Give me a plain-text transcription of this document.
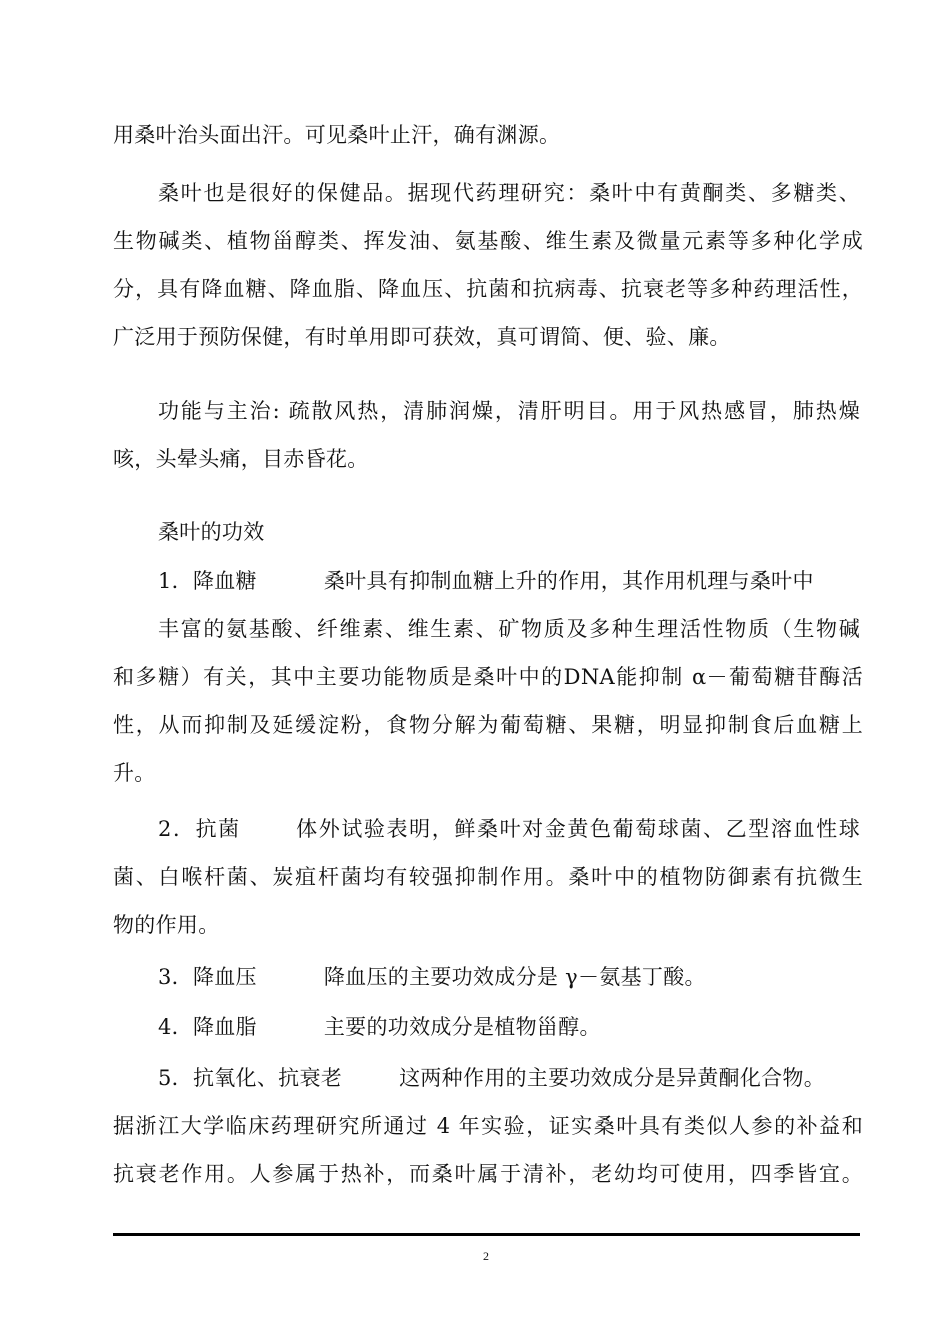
用桑叶治头面出汗。可见桑叶止汗，确有渊源。
桑叶也是很好的保健品。据现代药理研究：桑叶中有黄酮类、多糖类、
生物碱类、植物甾醇类、挥发油、氨基酸、维生素及微量元素等多种化学成
分，具有降血糖、降血脂、降血压、抗菌和抗病毒、抗衰老等多种药理活性，
广泛用于预防保健，有时单用即可获效，真可谓简、便、验、廉。
功能与主治: 疏散风热，清肺润燥，清肝明目。用于风热感冒，肺热燥
咳，头晕头痛，目赤昏花。
桑叶的功效
1．降血糖	桑叶具有抑制血糖上升的作用，其作用机理与桑叶中
丰富的氨基酸、纤维素、维生素、矿物质及多种生理活性物质（生物碱
和多糖）有关，其中主要功能物质是桑叶中的DNA能抑制 α－葡萄糖苷酶活
性，从而抑制及延缓淀粉，食物分解为葡萄糖、果糖，明显抑制食后血糖上
升。
2．抗菌	体外试验表明，鲜桑叶对金黄色葡萄球菌、乙型溶血性球
菌、白喉杆菌、炭疽杆菌均有较强抑制作用。桑叶中的植物防御素有抗微生
物的作用。
3．降血压	降血压的主要功效成分是 γ－氨基丁酸。
4．降血脂	主要的功效成分是植物甾醇。
5．抗氧化、抗衰老	这两种作用的主要功效成分是异黄酮化合物。
据浙江大学临床药理研究所通过 4 年实验，证实桑叶具有类似人参的补益和
抗衰老作用。人参属于热补，而桑叶属于清补，老幼均可使用，四季皆宜。
2
